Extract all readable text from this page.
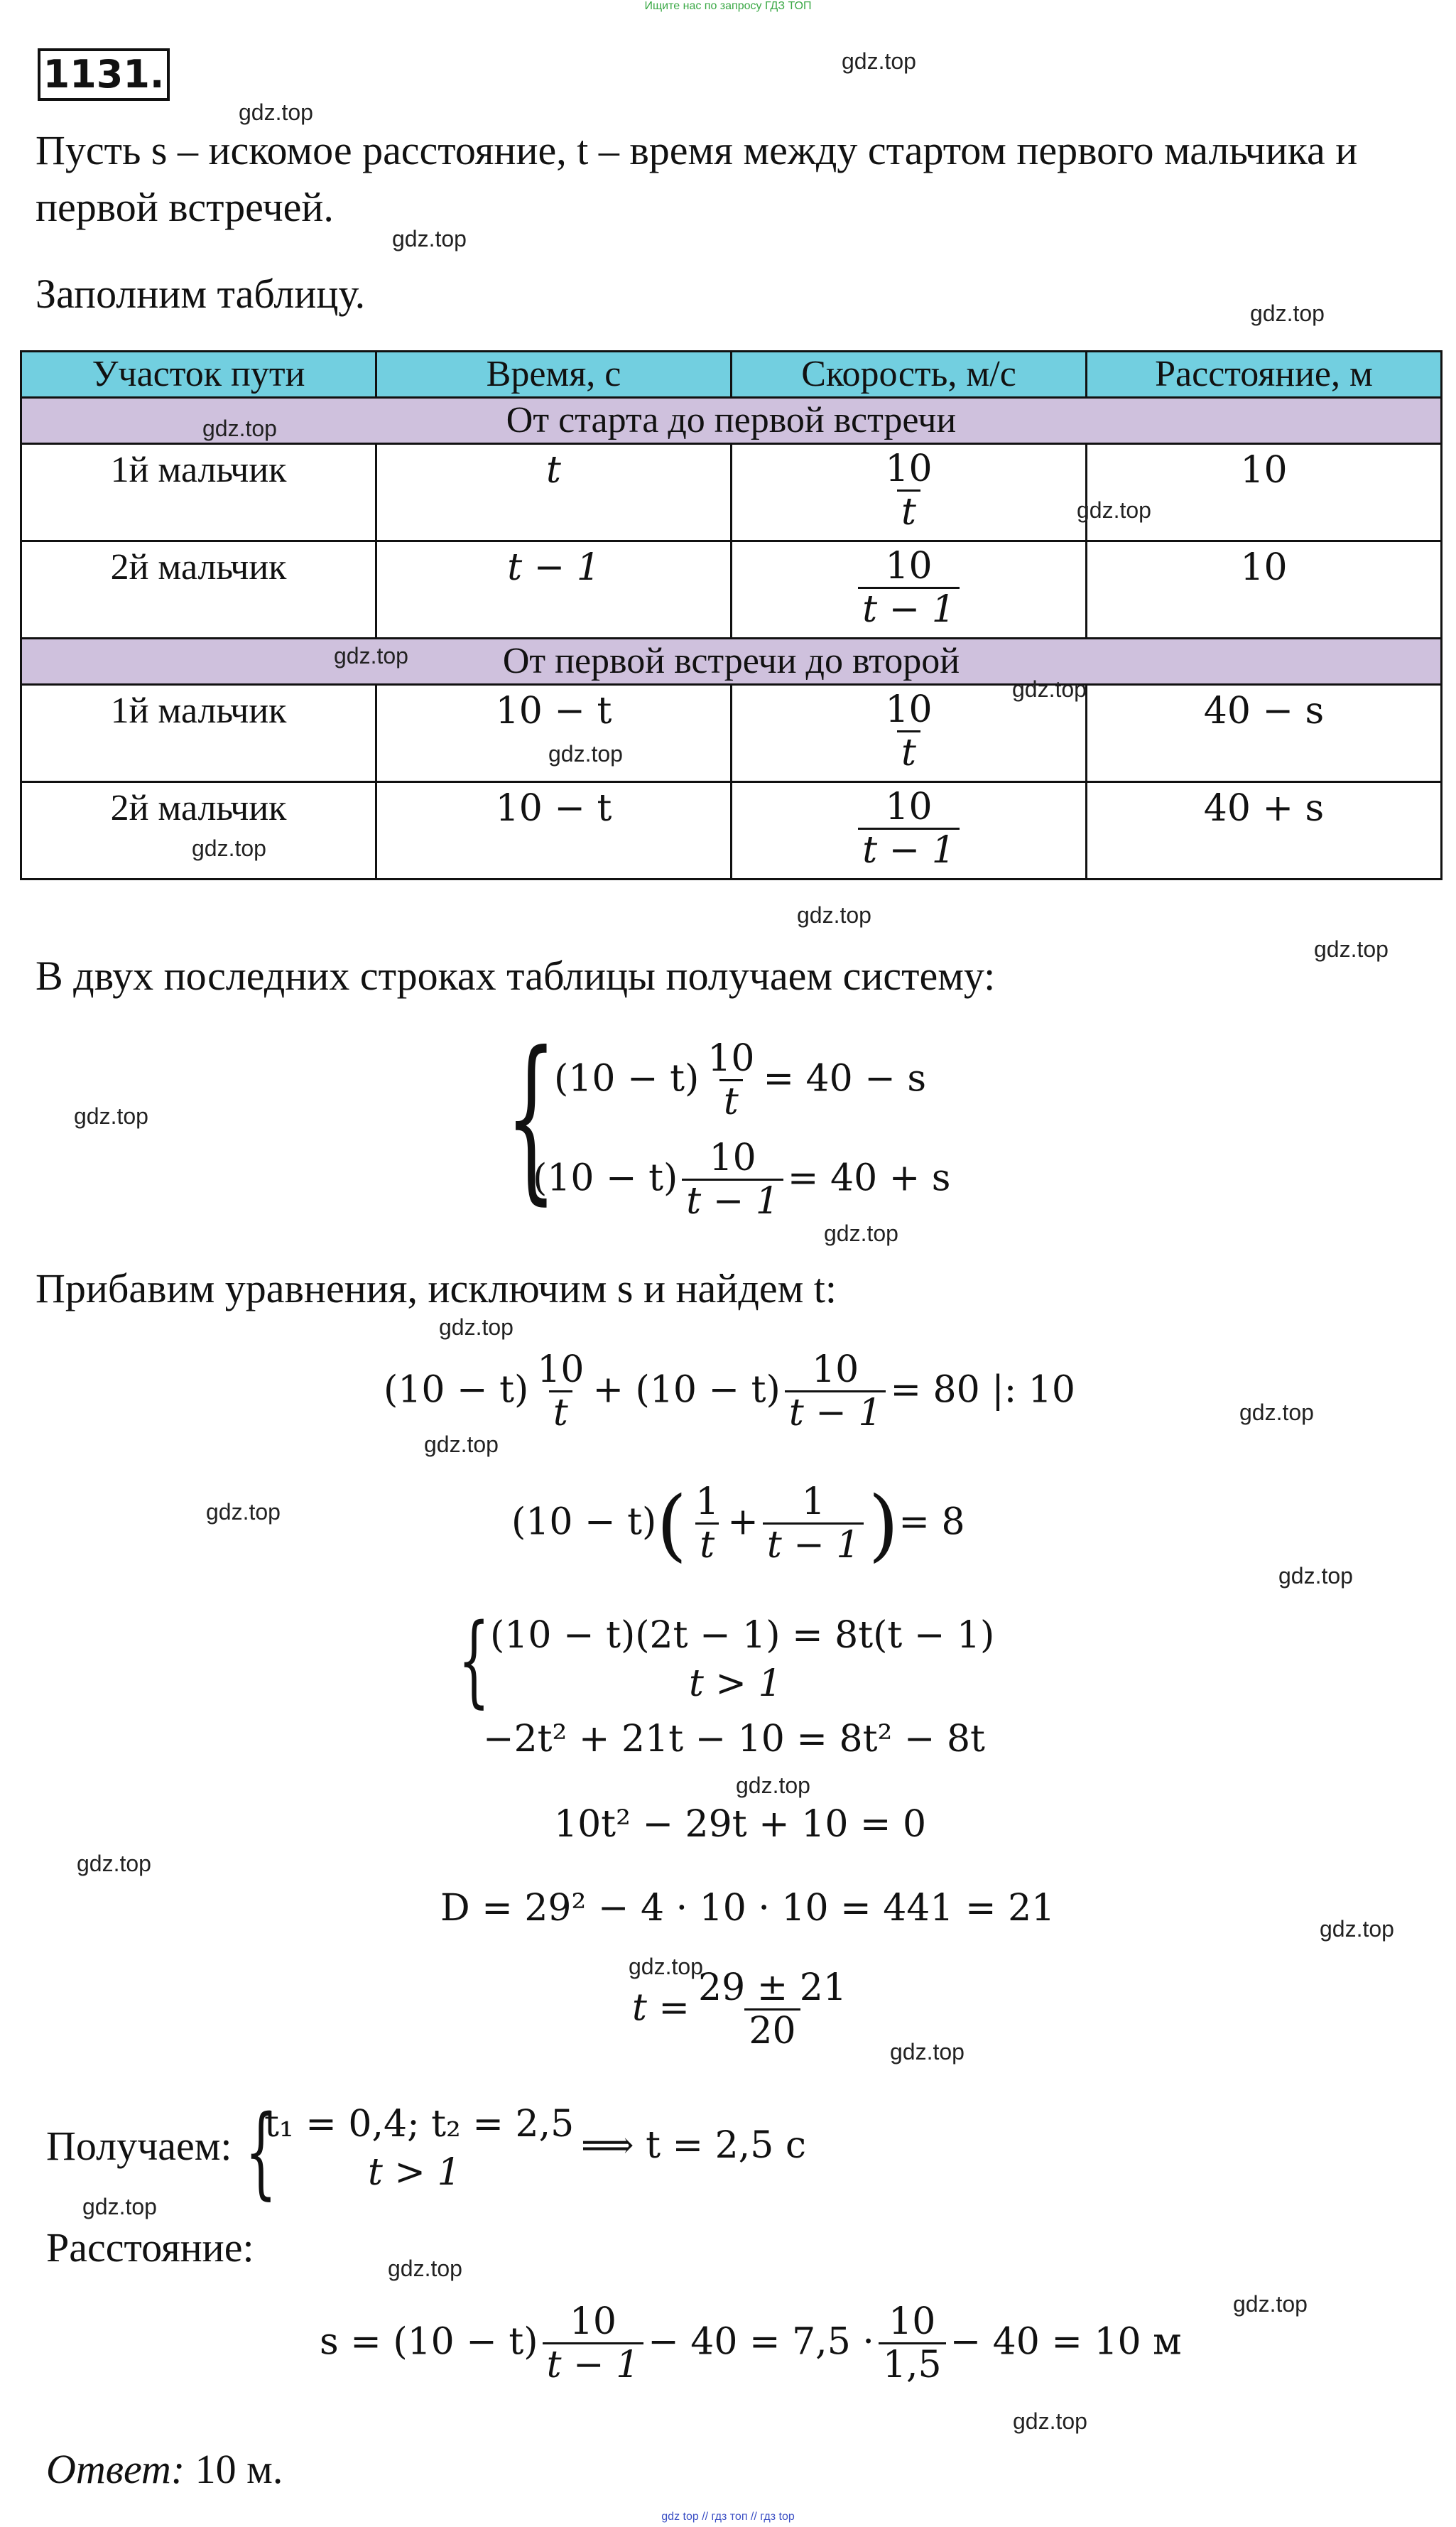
Ищите нас по запросу ГДЗ ТОП
1131.
Пусть s – искомое расстояние, t – время между стартом первого мальчика и
первой встречей.
Заполним таблицу.
Участок пути	Время, с	Скорость, м/с	Расстояние, м
От старта до первой встречи			
1й мальчик	t	$\frac{10}{t}$	10
2й мальчик	t − 1	$\frac{10}{t - 1}$	10
От первой встречи до второй			
1й мальчик	10 − t	$\frac{10}{t}$	40 − s
2й мальчик	10 − t	$\frac{10}{t - 1}$	40 + s
В двух последних строках таблицы получаем систему:
{
$(10 - t) \frac{10}{t} = 40 - s$
$(10 - t) \frac{10}{t - 1} = 40 + s$
Прибавим уравнения, исключим s и найдем t:
$(10 - t) \frac{10}{t} + (10 - t) \frac{10}{t - 1} = 80$ |: 10
$(10 - t)( \frac{1}{t} + \frac{1}{t - 1}$ )= 8
{ (10 − t)(2t − 1) = 8t(t − 1)
t > 1
−2t² + 21t − 10 = 8t² − 8t
10t² − 29t + 10 = 0
D = 29² − 4 · 10 · 10 = 441 = 21
$t = \frac{29 \pm 21}{20}$
Получаем: {
t₁ = 0,4; t₂ = 2,5
t > 1
⟹ t = 2,5 c
Расстояние:
$s = (10 - t) \frac{10}{t - 1} - 40 = 7,5 \cdot \frac{10}{1,5} - 40 = 10$ м
Ответ: 10 м.
gdz top // гдз топ // гдз top
gdz.top
gdz.top
gdz.top
gdz.top
gdz.top
gdz.top
gdz.top
gdz.top
gdz.top
gdz.top
gdz.top
gdz.top
gdz.top
gdz.top
gdz.top
gdz.top
gdz.top
gdz.top
gdz.top
gdz.top
gdz.top
gdz.top
gdz.top
gdz.top
gdz.top
gdz.top
gdz.top
gdz.top
